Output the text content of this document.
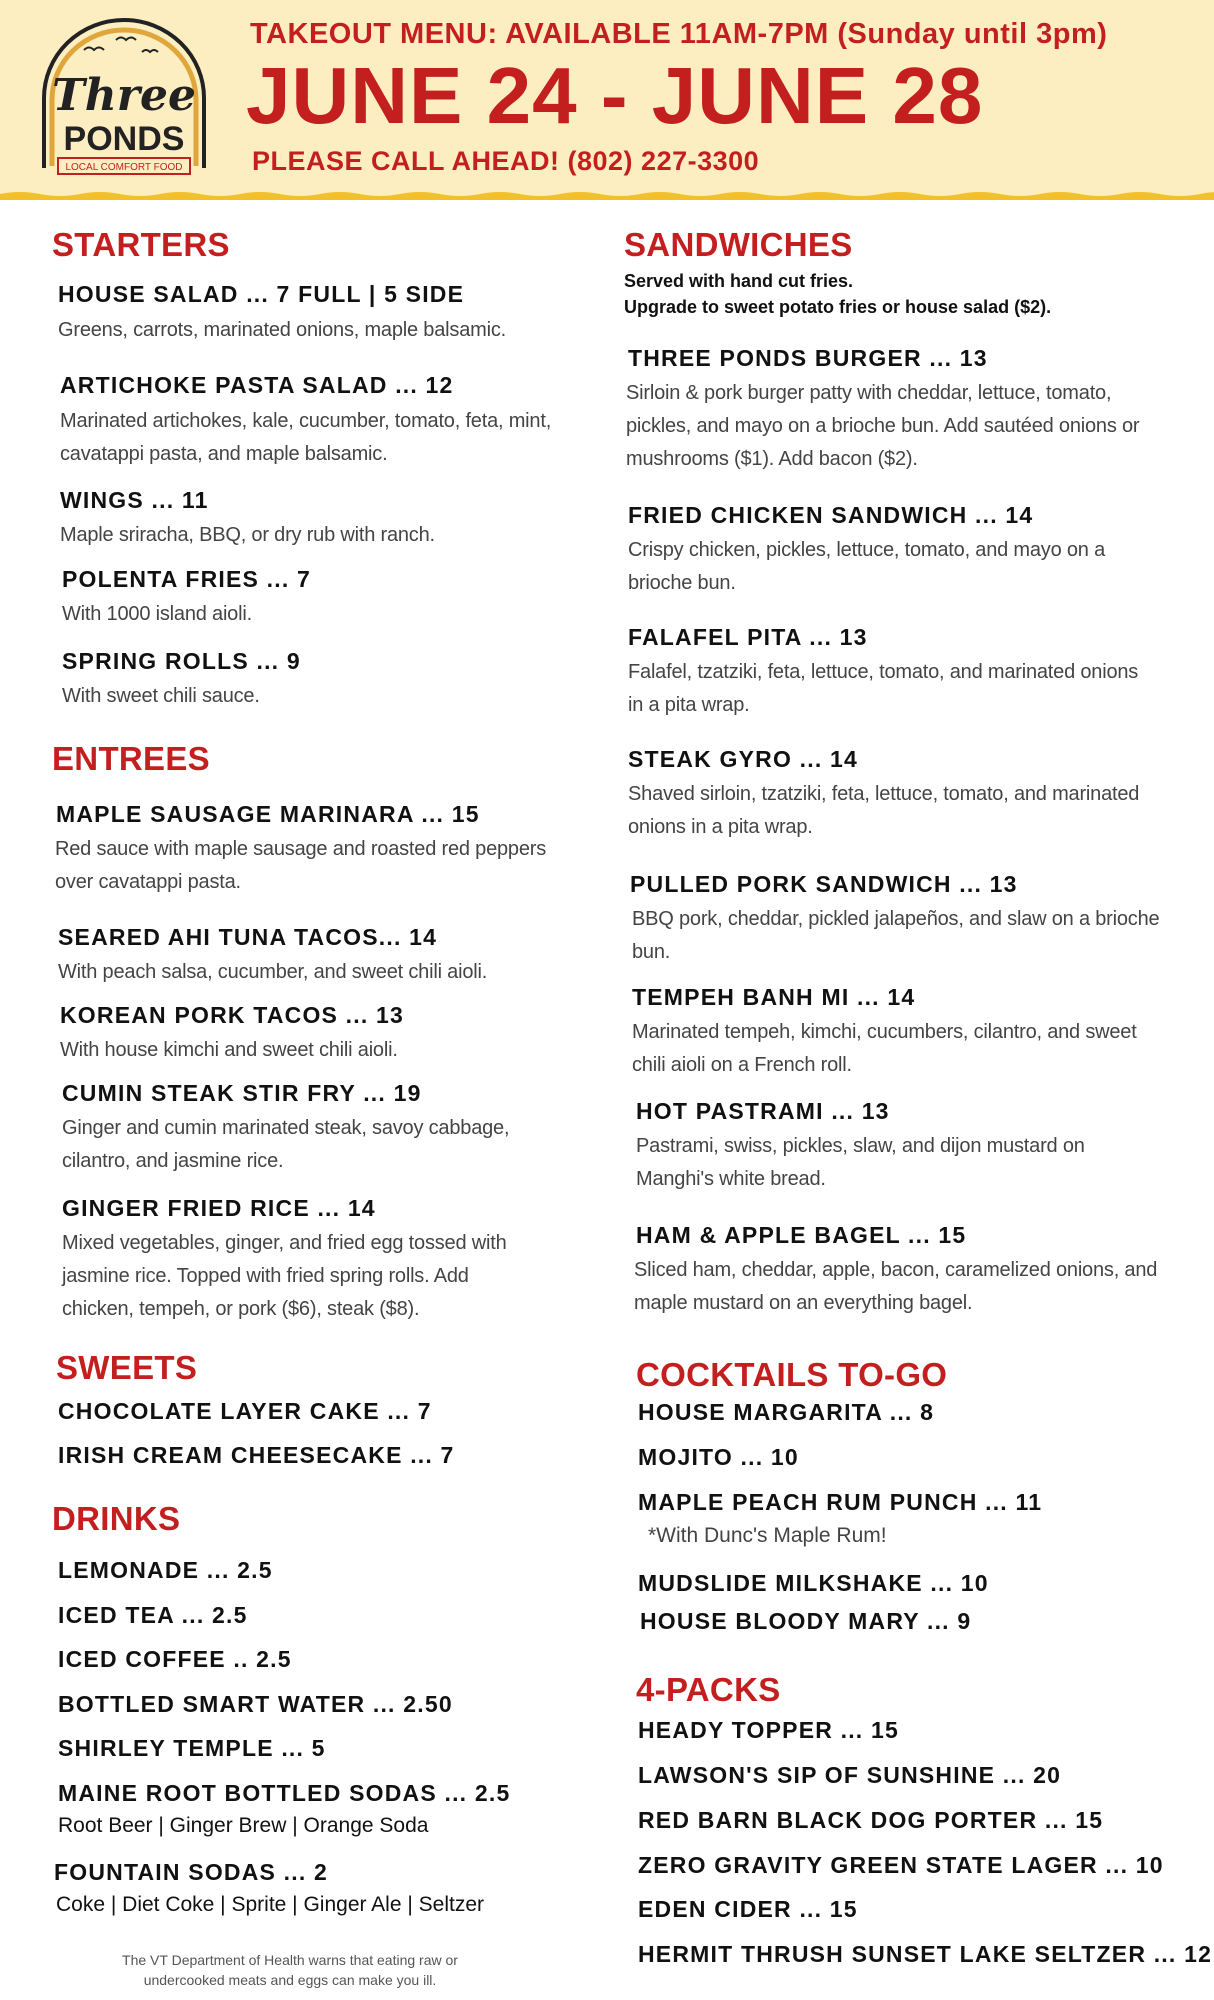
Three
PONDS
LOCAL COMFORT FOOD
TAKEOUT MENU: AVAILABLE 11AM-7PM (Sunday until 3pm)
JUNE 24 - JUNE 28
PLEASE CALL AHEAD! (802) 227-3300
STARTERS
HOUSE SALAD ... 7 FULL | 5 SIDE
Greens, carrots, marinated onions, maple balsamic.
ARTICHOKE PASTA SALAD ... 12
Marinated artichokes, kale, cucumber, tomato, feta, mint, cavatappi pasta, and maple balsamic.
WINGS ... 11
Maple sriracha, BBQ, or dry rub with ranch.
POLENTA FRIES ... 7
With 1000 island aioli.
SPRING ROLLS ... 9
With sweet chili sauce.
ENTREES
MAPLE SAUSAGE MARINARA ... 15
Red sauce with maple sausage and roasted red peppers over cavatappi pasta.
SEARED AHI TUNA TACOS... 14
With peach salsa, cucumber, and sweet chili aioli.
KOREAN PORK TACOS ... 13
With house kimchi and sweet chili aioli.
CUMIN STEAK STIR FRY ... 19
Ginger and cumin marinated steak, savoy cabbage, cilantro, and jasmine rice.
GINGER FRIED RICE ... 14
Mixed vegetables, ginger, and fried egg tossed with jasmine rice. Topped with fried spring rolls. Add chicken, tempeh, or pork ($6), steak ($8).
SWEETS
CHOCOLATE LAYER CAKE ... 7
IRISH CREAM CHEESECAKE ... 7
DRINKS
LEMONADE ... 2.5
ICED TEA ... 2.5
ICED COFFEE .. 2.5
BOTTLED SMART WATER ... 2.50
SHIRLEY TEMPLE ... 5
MAINE ROOT BOTTLED SODAS ... 2.5
Root Beer | Ginger Brew | Orange Soda
FOUNTAIN SODAS ... 2
Coke | Diet Coke | Sprite | Ginger Ale | Seltzer
The VT Department of Health warns that eating raw or
undercooked meats and eggs can make you ill.
SANDWICHES
Served with hand cut fries.
Upgrade to sweet potato fries or house salad ($2).
THREE PONDS BURGER ... 13
Sirloin & pork burger patty with cheddar, lettuce, tomato, pickles, and mayo on a brioche bun. Add sautéed onions or mushrooms ($1). Add bacon ($2).
FRIED CHICKEN SANDWICH ... 14
Crispy chicken, pickles, lettuce, tomato, and mayo on a brioche bun.
FALAFEL PITA ... 13
Falafel, tzatziki, feta, lettuce, tomato, and marinated onions in a pita wrap.
STEAK GYRO ... 14
Shaved sirloin, tzatziki, feta, lettuce, tomato, and marinated onions in a pita wrap.
PULLED PORK SANDWICH ... 13
BBQ pork, cheddar, pickled jalapeños, and slaw on a brioche bun.
TEMPEH BANH MI ... 14
Marinated tempeh, kimchi, cucumbers, cilantro, and sweet chili aioli on a French roll.
HOT PASTRAMI ... 13
Pastrami, swiss, pickles, slaw, and dijon mustard on Manghi's white bread.
HAM & APPLE BAGEL ... 15
Sliced ham, cheddar, apple, bacon, caramelized onions, and maple mustard on an everything bagel.
COCKTAILS TO-GO
HOUSE MARGARITA ... 8
MOJITO ... 10
MAPLE PEACH RUM PUNCH ... 11
*With Dunc's Maple Rum!
MUDSLIDE MILKSHAKE ... 10
HOUSE BLOODY MARY ... 9
4-PACKS
HEADY TOPPER ... 15
LAWSON'S SIP OF SUNSHINE ... 20
RED BARN BLACK DOG PORTER ... 15
ZERO GRAVITY GREEN STATE LAGER ... 10
EDEN CIDER ... 15
HERMIT THRUSH SUNSET LAKE SELTZER ... 12
